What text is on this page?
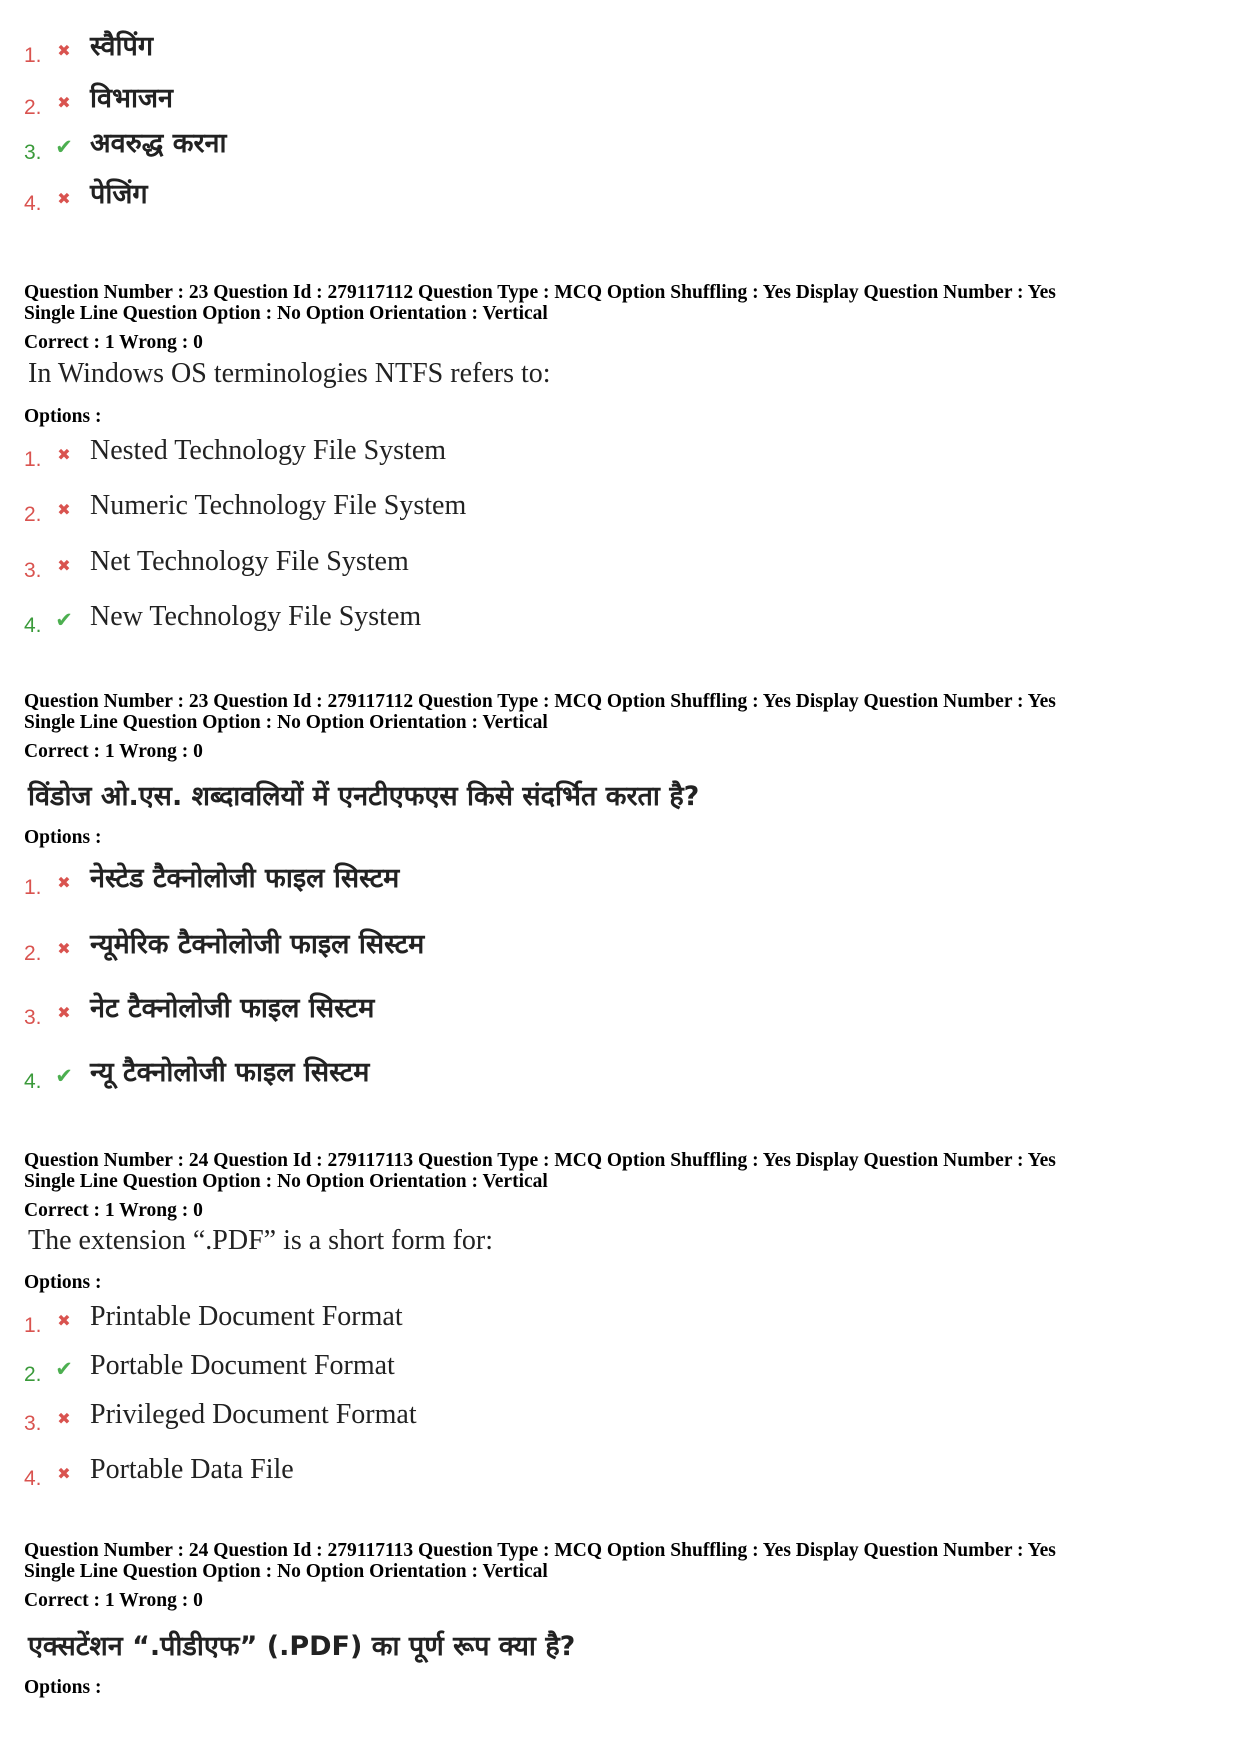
1. ✖ स्वैपिंग
2. ✖ विभाजन
3. ✔ अवरुद्ध करना
4. ✖ पेजिंग
Question Number : 23 Question Id : 279117112 Question Type : MCQ Option Shuffling : Yes Display Question Number : Yes
Single Line Question Option : No Option Orientation : Vertical
Correct : 1 Wrong : 0
In Windows OS terminologies NTFS refers to:
Options :
1. ✖ Nested Technology File System
2. ✖ Numeric Technology File System
3. ✖ Net Technology File System
4. ✔ New Technology File System
Question Number : 23 Question Id : 279117112 Question Type : MCQ Option Shuffling : Yes Display Question Number : Yes
Single Line Question Option : No Option Orientation : Vertical
Correct : 1 Wrong : 0
विंडोज ओ.एस. शब्दावलियों में एनटीएफएस किसे संदर्भित करता है?
Options :
1. ✖ नेस्टेड टैक्नोलोजी फाइल सिस्टम
2. ✖ न्यूमेरिक टैक्नोलोजी फाइल सिस्टम
3. ✖ नेट टैक्नोलोजी फाइल सिस्टम
4. ✔ न्यू टैक्नोलोजी फाइल सिस्टम
Question Number : 24 Question Id : 279117113 Question Type : MCQ Option Shuffling : Yes Display Question Number : Yes
Single Line Question Option : No Option Orientation : Vertical
Correct : 1 Wrong : 0
The extension “.PDF” is a short form for:
Options :
1. ✖ Printable Document Format
2. ✔ Portable Document Format
3. ✖ Privileged Document Format
4. ✖ Portable Data File
Question Number : 24 Question Id : 279117113 Question Type : MCQ Option Shuffling : Yes Display Question Number : Yes
Single Line Question Option : No Option Orientation : Vertical
Correct : 1 Wrong : 0
एक्सटेंशन “.पीडीएफ” (.PDF) का पूर्ण रूप क्या है?
Options :
